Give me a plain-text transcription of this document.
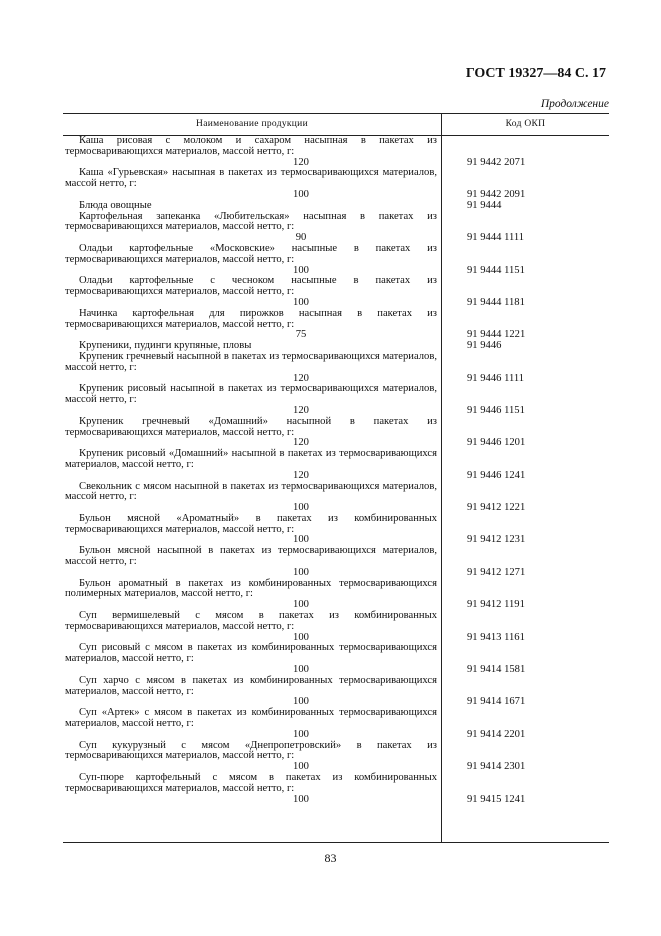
ГОСТ 19327—84 С. 17
Продолжение
Наименование продукции	Код ОКП
Каша рисовая с молоком и сахаром насыпная в пакетах из термосваривающихся материалов, массой нетто, г:
120	91 9442 2071
Каша «Гурьевская» насыпная в пакетах из термосваривающихся материалов, массой нетто, г:
100	91 9442 2091
Блюда овощные	91 9444
Картофельная запеканка «Любительская» насыпная в пакетах из термосваривающихся материалов, массой нетто, г:
90	91 9444 1111
Оладьи картофельные «Московские» насыпные в пакетах из термосваривающихся материалов, массой нетто, г:
100	91 9444 1151
Оладьи картофельные с чесноком насыпные в пакетах из термосваривающихся материалов, массой нетто, г:
100	91 9444 1181
Начинка картофельная для пирожков насыпная в пакетах из термосваривающихся материалов, массой нетто, г:
75	91 9444 1221
Крупеники, пудинги крупяные, пловы	91 9446
Крупеник гречневый насыпной в пакетах из термосваривающихся материалов, массой нетто, г:
120	91 9446 1111
Крупеник рисовый насыпной в пакетах из термосваривающихся материалов, массой нетто, г:
120	91 9446 1151
Крупеник гречневый «Домашний» насыпной в пакетах из термосваривающихся материалов, массой нетто, г:
120	91 9446 1201
Крупеник рисовый «Домашний» насыпной в пакетах из термосваривающихся материалов, массой нетто, г:
120	91 9446 1241
Свекольник с мясом насыпной в пакетах из термосваривающихся материалов, массой нетто, г:
100	91 9412 1221
Бульон мясной «Ароматный» в пакетах из комбинированных термосваривающихся материалов, массой нетто, г:
100	91 9412 1231
Бульон мясной насыпной в пакетах из термосваривающихся материалов, массой нетто, г:
100	91 9412 1271
Бульон ароматный в пакетах из комбинированных термосваривающихся полимерных материалов, массой нетто, г:
100	91 9412 1191
Суп вермишелевый с мясом в пакетах из комбинированных термосваривающихся материалов, массой нетто, г:
100	91 9413 1161
Суп рисовый с мясом в пакетах из комбинированных термосваривающихся материалов, массой нетто, г:
100	91 9414 1581
Суп харчо с мясом в пакетах из комбинированных термосваривающихся материалов, массой нетто, г:
100	91 9414 1671
Суп «Артек» с мясом в пакетах из комбинированных термосваривающихся материалов, массой нетто, г:
100	91 9414 2201
Суп кукурузный с мясом «Днепропетровский» в пакетах из термосваривающихся материалов, массой нетто, г:
100	91 9414 2301
Суп-пюре картофельный с мясом в пакетах из комбинированных термосваривающихся материалов, массой нетто, г:
100	91 9415 1241
83
